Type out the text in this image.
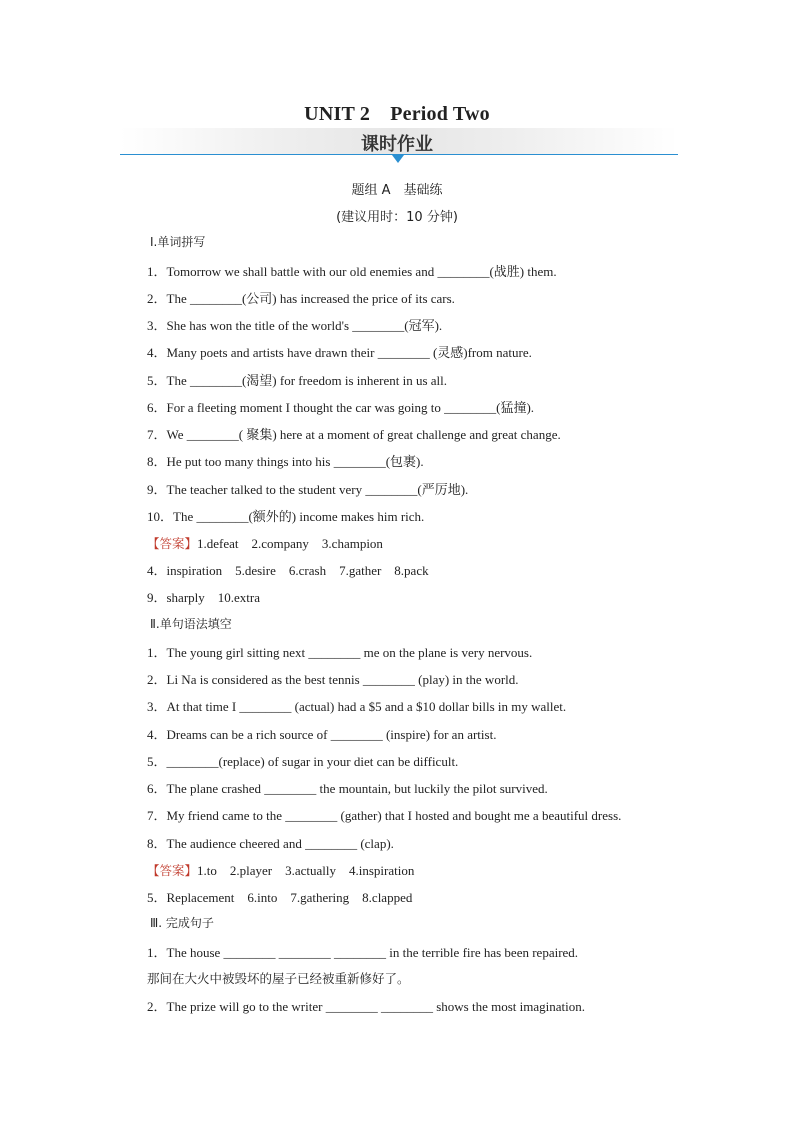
UNIT 2　Period Two
课时作业
题组 A　基础练
(建议用时：10 分钟)
Ⅰ.单词拼写
1．Tomorrow we shall battle with our old enemies and ________(战胜) them.
2．The ________(公司) has increased the price of its cars.
3．She has won the title of the world's ________(冠军).
4．Many poets and artists have drawn their ________ (灵感)from nature.
5．The ________(渴望) for freedom is inherent in us all.
6．For a fleeting moment I thought the car was going to ________(猛撞).
7．We ________( 聚集) here at a moment of great challenge and great change.
8．He put too many things into his ________(包裹).
9．The teacher talked to the student very ________(严厉地).
10．The ________(额外的) income makes him rich.
【答案】1.defeat　2.company　3.champion
4．inspiration　5.desire　6.crash　7.gather　8.pack
9．sharply　10.extra
Ⅱ.单句语法填空
1．The young girl sitting next ________ me on the plane is very nervous.
2．Li Na is considered as the best tennis ________ (play) in the world.
3．At that time I ________ (actual) had a $5 and a $10 dollar bills in my wallet.
4．Dreams can be a rich source of ________ (inspire) for an artist.
5．________(replace) of sugar in your diet can be difficult.
6．The plane crashed ________ the mountain, but luckily the pilot survived.
7．My friend came to the ________ (gather) that I hosted and bought me a beautiful dress.
8．The audience cheered and ________ (clap).
【答案】1.to　2.player　3.actually　4.inspiration
5．Replacement　6.into　7.gathering　8.clapped
Ⅲ. 完成句子
1．The house ________ ________ ________ in the terrible fire has been repaired.
那间在大火中被毁坏的屋子已经被重新修好了。
2．The prize will go to the writer ________ ________ shows the most imagination.
